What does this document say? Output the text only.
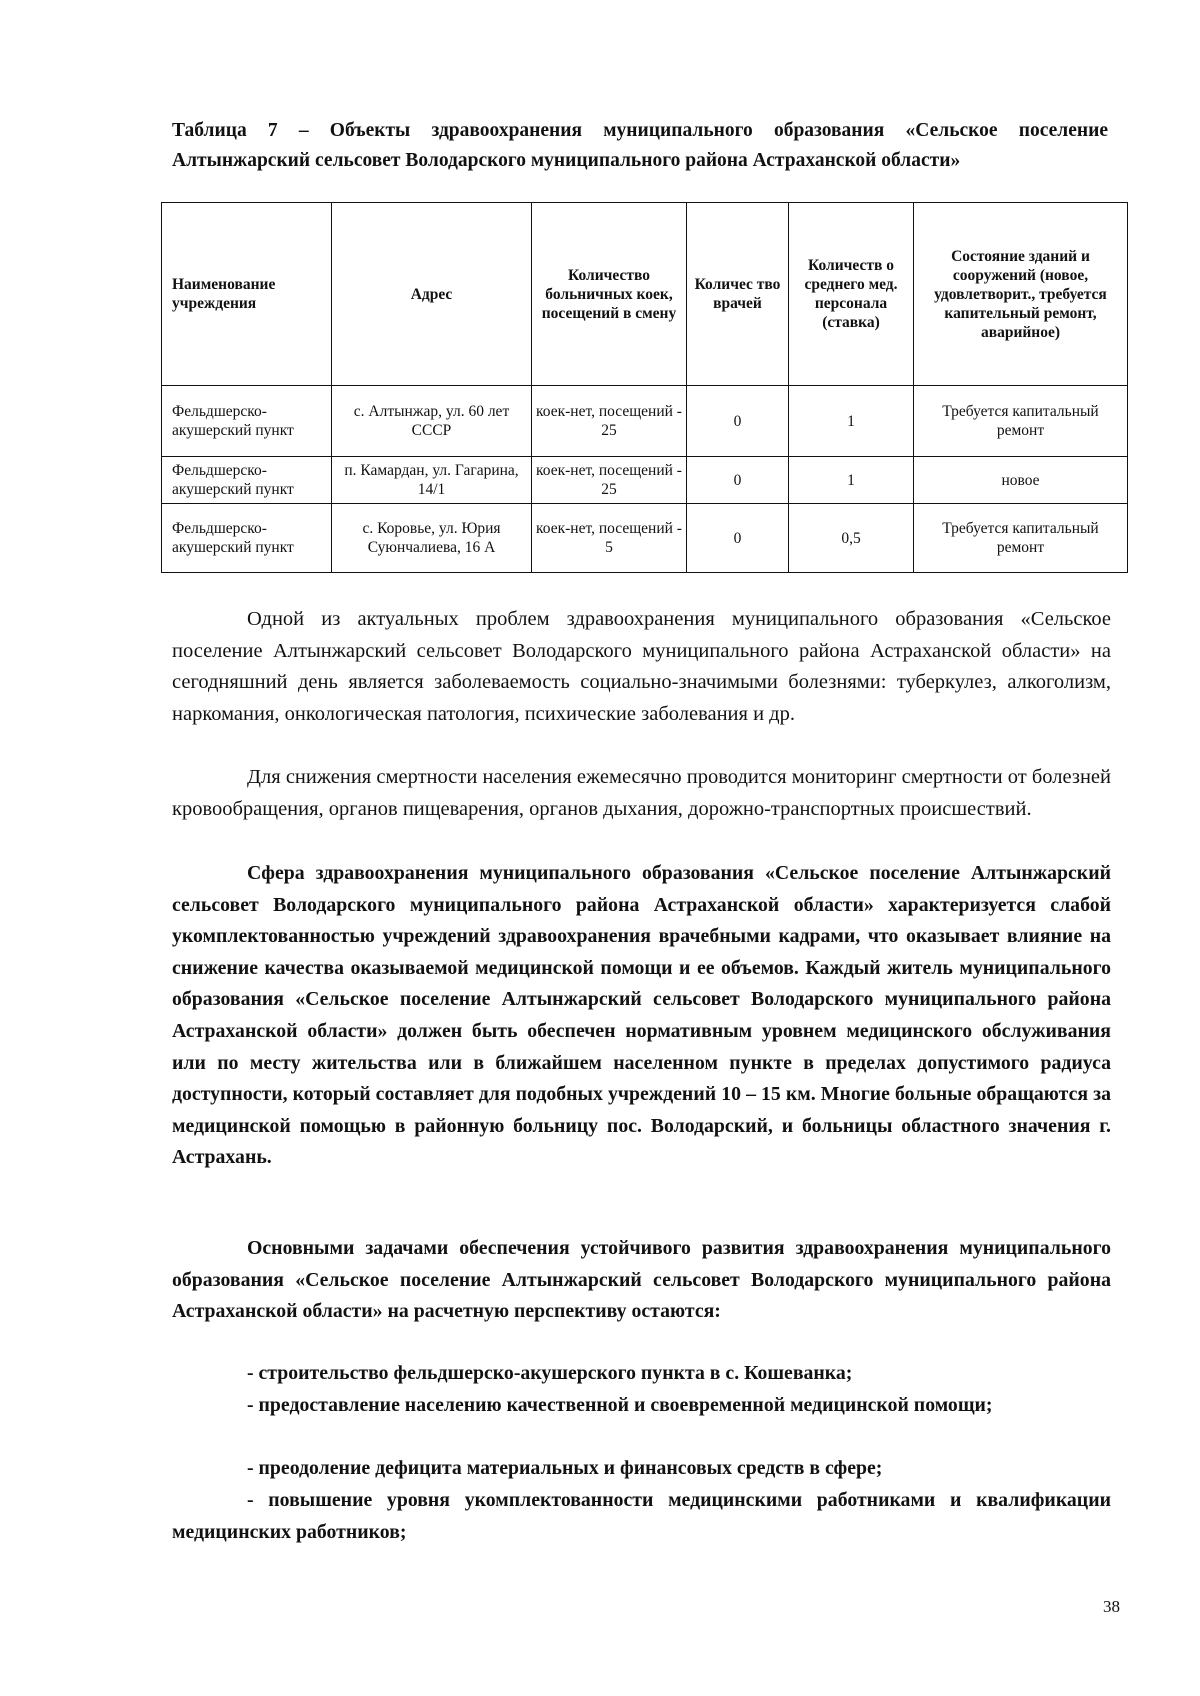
Таблица 7 – Объекты здравоохранения муниципального образования «Сельское поселение Алтынжарский сельсовет Володарского муниципального района Астраханской области»
Наименование учреждения	Адрес	Количество больничных коек, посещений в смену	Количес тво врачей	Количеств о среднего мед. персонала (ставка)	Состояние зданий и сооружений (новое, удовлетворит., требуется капительный ремонт, аварийное)
Фельдшерско-акушерский пункт	с. Алтынжар, ул. 60 лет СССР	коек-нет, посещений - 25	0	1	Требуется капитальный ремонт
Фельдшерско-акушерский пункт	п. Камардан, ул. Гагарина, 14/1	коек-нет, посещений - 25	0	1	новое
Фельдшерско-акушерский пункт	с. Коровье, ул. Юрия Суюнчалиева, 16 А	коек-нет, посещений - 5	0	0,5	Требуется капитальный ремонт

Одной из актуальных проблем здравоохранения муниципального образования «Сельское поселение Алтынжарский сельсовет Володарского муниципального района Астраханской области» на сегодняшний день является заболеваемость социально-значимыми болезнями: туберкулез, алкоголизм, наркомания, онкологическая патология, психические заболевания и др.

Для снижения смертности населения ежемесячно проводится мониторинг смертности от болезней кровообращения, органов пищеварения, органов дыхания, дорожно-транспортных происшествий.

Сфера здравоохранения муниципального образования «Сельское поселение Алтынжарский сельсовет Володарского муниципального района Астраханской области» характеризуется слабой укомплектованностью учреждений здравоохранения врачебными кадрами, что оказывает влияние на снижение качества оказываемой медицинской помощи и ее объемов. Каждый житель муниципального образования «Сельское поселение Алтынжарский сельсовет Володарского муниципального района Астраханской области» должен быть обеспечен нормативным уровнем медицинского обслуживания или по месту жительства или в ближайшем населенном пункте в пределах допустимого радиуса доступности, который составляет для подобных учреждений 10 – 15 км. Многие больные обращаются за медицинской помощью в районную больницу пос. Володарский, и больницы областного значения г. Астрахань.

Основными задачами обеспечения устойчивого развития здравоохранения муниципального образования «Сельское поселение Алтынжарский сельсовет Володарского муниципального района Астраханской области» на расчетную перспективу остаются:

- строительство фельдшерско-акушерского пункта в с. Кошеванка;

- предоставление населению качественной и своевременной медицинской помощи;

- преодоление дефицита материальных и финансовых средств в сфере;

- повышение уровня укомплектованности медицинскими работниками и квалификации медицинских работников;

38
